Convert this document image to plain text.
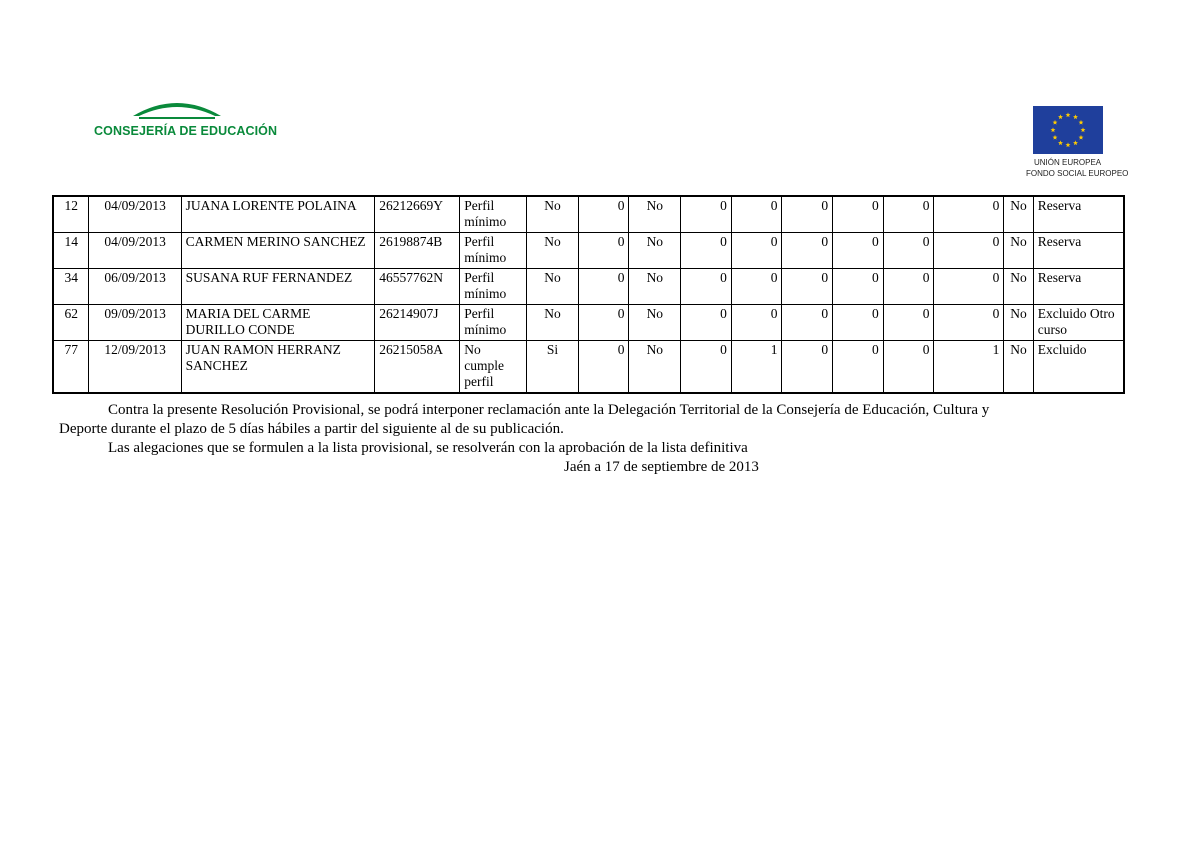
CONSEJERÍA DE EDUCACIÓN
UNIÓN EUROPEA
FONDO SOCIAL EUROPEO
12	04/09/2013	JUANA LORENTE POLAINA	26212669Y	Perfil mínimo	No	0	No	0	0	0	0	0	0	No	Reserva
14	04/09/2013	CARMEN MERINO SANCHEZ	26198874B	Perfil mínimo	No	0	No	0	0	0	0	0	0	No	Reserva
34	06/09/2013	SUSANA RUF FERNANDEZ	46557762N	Perfil mínimo	No	0	No	0	0	0	0	0	0	No	Reserva
62	09/09/2013	MARIA DEL CARME DURILLO CONDE	26214907J	Perfil mínimo	No	0	No	0	0	0	0	0	0	No	Excluido Otro curso
77	12/09/2013	JUAN RAMON HERRANZ SANCHEZ	26215058A	No cumple perfil	Si	0	No	0	1	0	0	0	1	No	Excluido
Contra la presente Resolución Provisional, se podrá interponer reclamación ante la Delegación Territorial de la Consejería de Educación, Cultura y
Deporte durante el plazo de 5 días hábiles a partir del siguiente al de su publicación.
Las alegaciones que se formulen a la lista provisional, se resolverán con la aprobación de la lista definitiva
Jaén a 17 de septiembre de 2013
